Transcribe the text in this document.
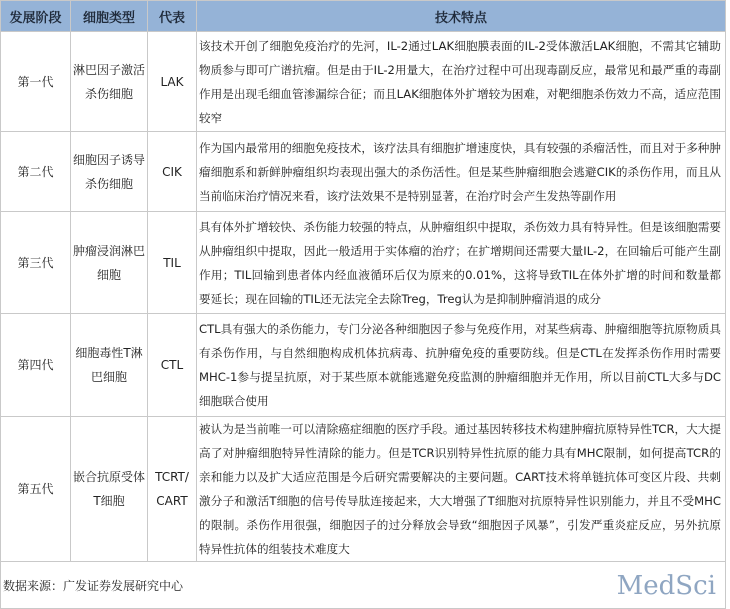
发展阶段	细胞类型	代表	技术特点
第一代	淋巴因子激活杀伤细胞	LAK	该技术开创了细胞免疫治疗的先河，IL-2通过LAK细胞膜表面的IL-2受体激活LAK细胞，不需其它辅助物质参与即可广谱抗瘤。但是由于IL-2用量大，在治疗过程中可出现毒副反应，最常见和最严重的毒副作用是出现毛细血管渗漏综合征；而且LAK细胞体外扩增较为困难，对靶细胞杀伤效力不高，适应范围较窄
第二代	细胞因子诱导杀伤细胞	CIK	作为国内最常用的细胞免疫技术，该疗法具有细胞扩增速度快，具有较强的杀瘤活性，而且对于多种肿瘤细胞系和新鲜肿瘤组织均表现出强大的杀伤活性。但是某些肿瘤细胞会逃避CIK的杀伤作用，而且从当前临床治疗情况来看，该疗法效果不是特别显著，在治疗时会产生发热等副作用
第三代	肿瘤浸润淋巴细胞	TIL	具有体外扩增较快、杀伤能力较强的特点，从肿瘤组织中提取，杀伤效力具有特异性。但是该细胞需要从肿瘤组织中提取，因此一般适用于实体瘤的治疗；在扩增期间还需要大量IL-2，在回输后可能产生副作用；TIL回输到患者体内经血液循环后仅为原来的0.01%，这将导致TIL在体外扩增的时间和数量都要延长；现在回输的TIL还无法完全去除Treg，Treg认为是抑制肿瘤消退的成分
第四代	细胞毒性T淋巴细胞	CTL	CTL具有强大的杀伤能力，专门分泌各种细胞因子参与免疫作用，对某些病毒、肿瘤细胞等抗原物质具有杀伤作用，与自然细胞构成机体抗病毒、抗肿瘤免疫的重要防线。但是CTL在发挥杀伤作用时需要MHC-1参与提呈抗原，对于某些原本就能逃避免疫监测的肿瘤细胞并无作用，所以目前CTL大多与DC细胞联合使用
第五代	嵌合抗原受体T细胞	TCRT/ CART	被认为是当前唯一可以清除癌症细胞的医疗手段。通过基因转移技术构建肿瘤抗原特异性TCR，大大提高了对肿瘤细胞特异性清除的能力。但是TCR识别特异性抗原的能力具有MHC限制，如何提高TCR的亲和能力以及扩大适应范围是今后研究需要解决的主要问题。CART技术将单链抗体可变区片段、共刺激分子和激活T细胞的信号传导肽连接起来，大大增强了T细胞对抗原特异性识别能力，并且不受MHC的限制。杀伤作用很强，细胞因子的过分释放会导致“细胞因子风暴”，引发严重炎症反应，另外抗原特异性抗体的组装技术难度大
数据来源：广发证券发展研究中心				MedSci
